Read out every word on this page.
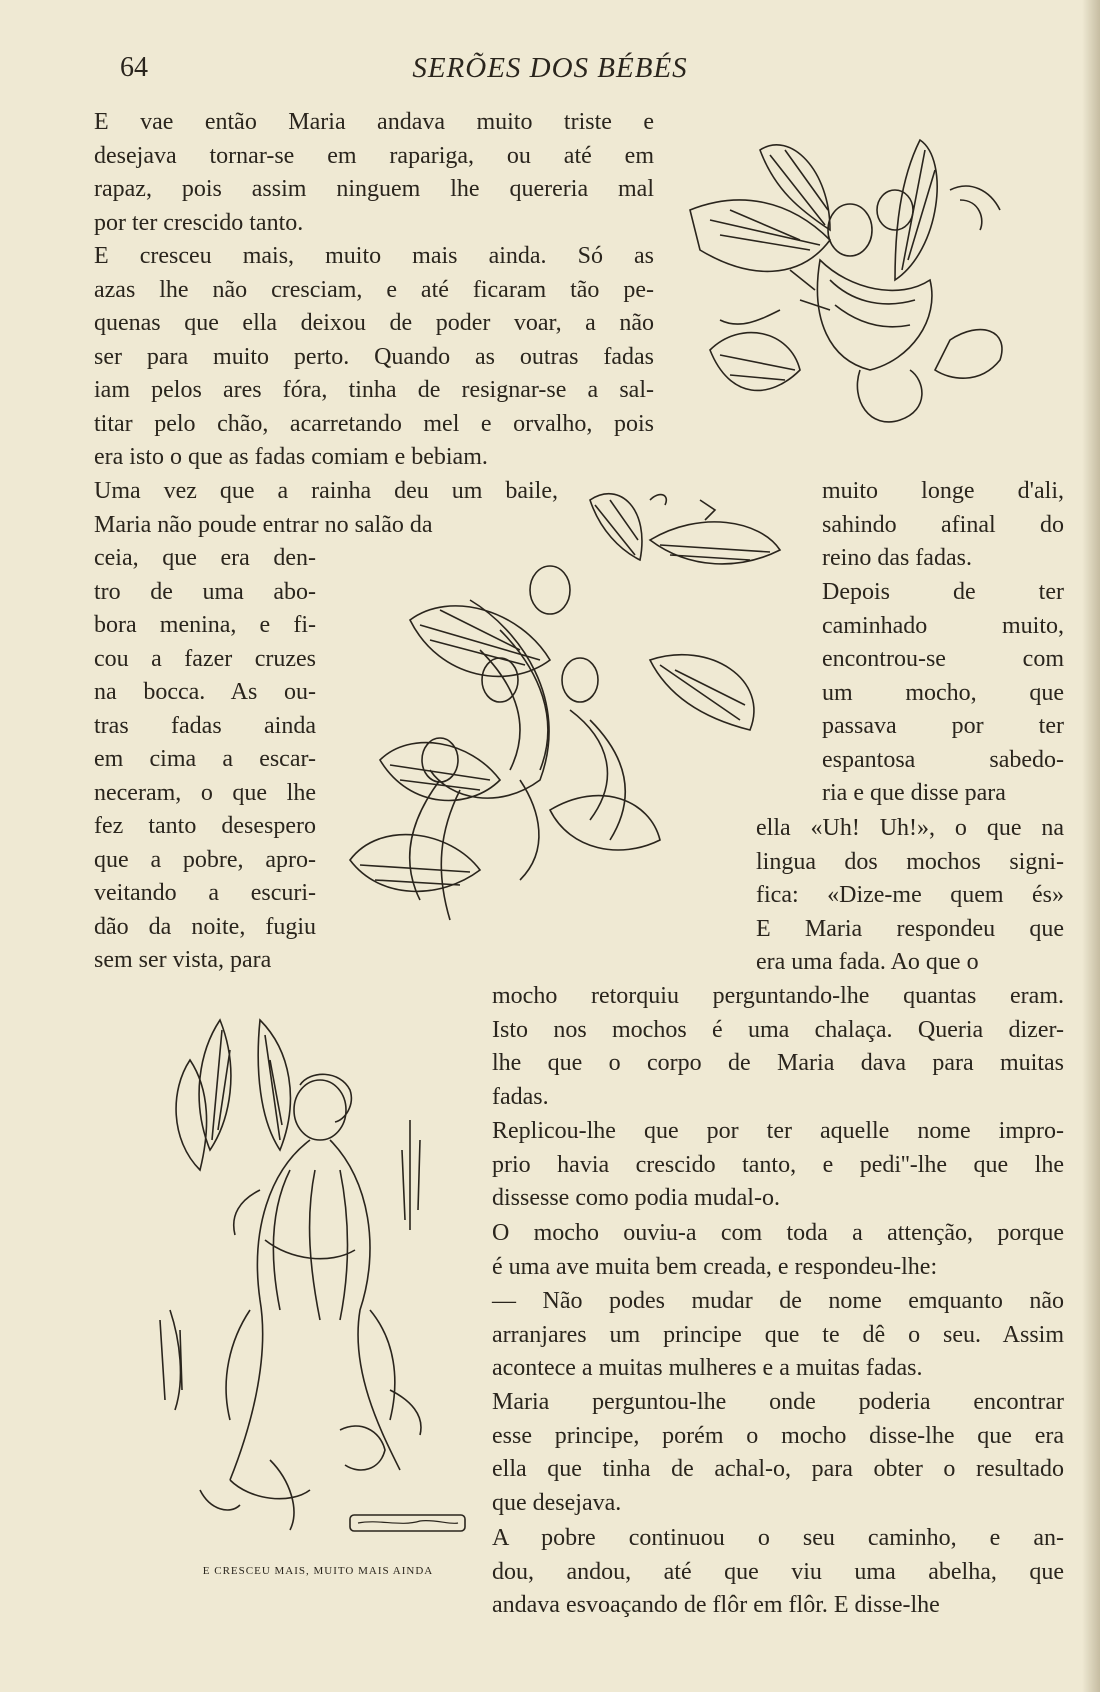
64	SERÕES DOS BÉBÉS
E vae então Maria andava muito triste e
desejava tornar-se em rapariga, ou até em
rapaz, pois assim ninguem lhe quereria mal
por ter crescido tanto.
E cresceu mais, muito mais ainda. Só as
azas lhe não cresciam, e até ficaram tão pe-
quenas que ella deixou de poder voar, a não
ser para muito perto. Quando as outras fadas
iam pelos ares fóra, tinha de resignar-se a sal-
titar pelo chão, acarretando mel e orvalho, pois
era isto o que as fadas comiam e bebiam.
Uma vez que a rainha deu um baile,
Maria não poude entrar no salão da
ceia, que era den-
tro de uma abo-
bora menina, e fi-
cou a fazer cruzes
na bocca. As ou-
tras fadas ainda
em cima a escar-
neceram, o que lhe
fez tanto desespero
que a pobre, apro-
veitando a escuri-
dão da noite, fugiu
sem ser vista, para
muito longe d'ali,
sahindo afinal do
reino das fadas.
Depois de ter
caminhado muito,
encontrou-se com
um mocho, que
passava por ter
espantosa sabedo-
ria e que disse para
ella «Uh! Uh!», o que na
lingua dos mochos signi-
fica: «Dize-me quem és»
E Maria respondeu que
era uma fada. Ao que o
mocho retorquiu perguntando-lhe quantas eram.
Isto nos mochos é uma chalaça. Queria dizer-
lhe que o corpo de Maria dava para muitas
fadas.
Replicou-lhe que por ter aquelle nome impro-
prio havia crescido tanto, e pedi''-lhe que lhe
dissesse como podia mudal-o.
O mocho ouviu-a com toda a attenção, porque
é uma ave muita bem creada, e respondeu-lhe:
— Não podes mudar de nome emquanto não
arranjares um principe que te dê o seu. Assim
acontece a muitas mulheres e a muitas fadas.
Maria perguntou-lhe onde poderia encontrar
esse principe, porém o mocho disse-lhe que era
ella que tinha de achal-o, para obter o resultado
que desejava.
A pobre continuou o seu caminho, e an-
dou, andou, até que viu uma abelha, que
andava esvoaçando de flôr em flôr. E disse-lhe
E CRESCEU MAIS, MUITO MAIS AINDA
